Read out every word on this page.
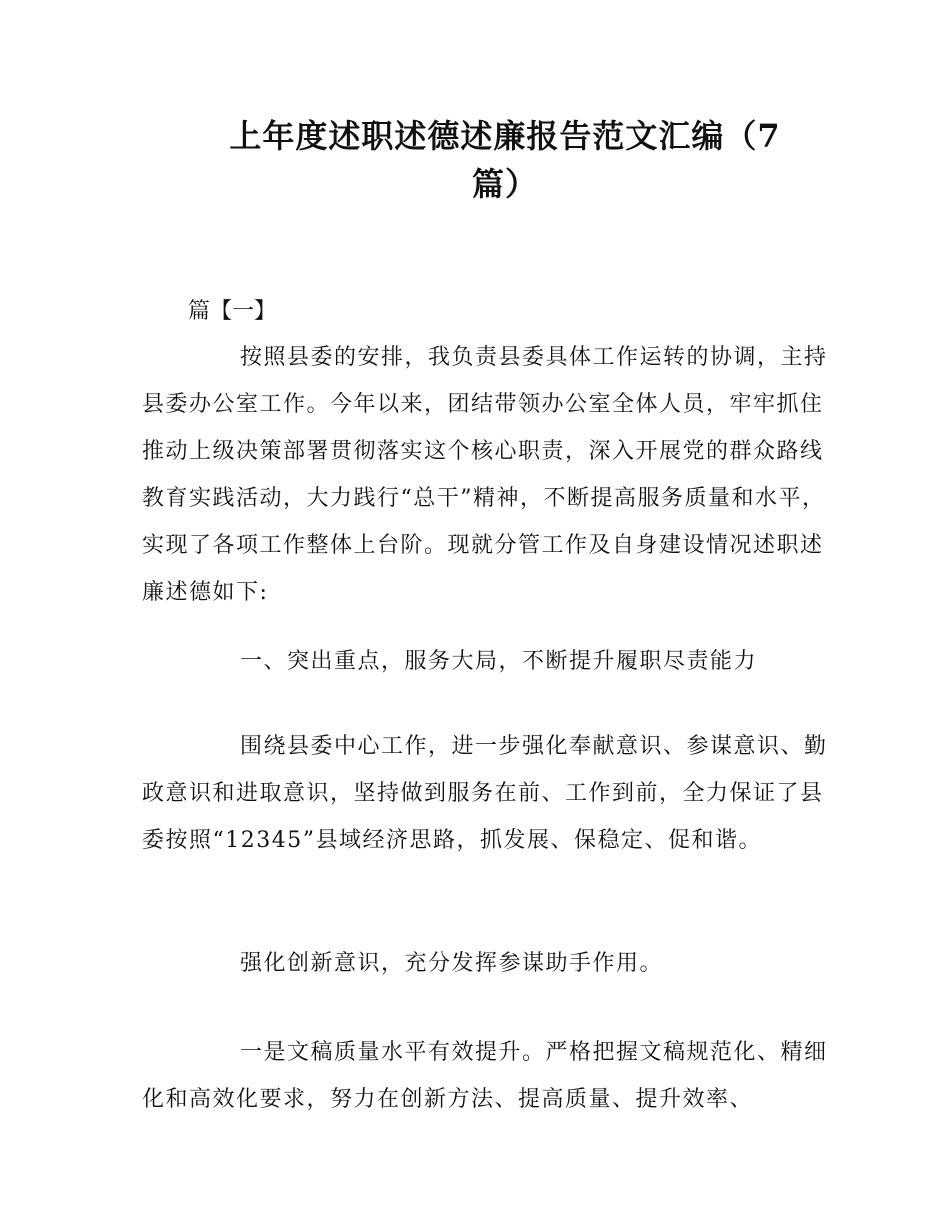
上年度述职述德述廉报告范文汇编（7
篇）
篇【一】

按照县委的安排，我负责县委具体工作运转的协调，主持县委办公室工作。今年以来，团结带领办公室全体人员，牢牢抓住推动上级决策部署贯彻落实这个核心职责，深入开展党的群众路线教育实践活动，大力践行“总干”精神，不断提高服务质量和水平，实现了各项工作整体上台阶。现就分管工作及自身建设情况述职述廉述德如下:

一、突出重点，服务大局，不断提升履职尽责能力

围绕县委中心工作，进一步强化奉献意识、参谋意识、勤政意识和进取意识，坚持做到服务在前、工作到前，全力保证了县委按照“12345”县域经济思路，抓发展、保稳定、促和谐。

强化创新意识，充分发挥参谋助手作用。

一是文稿质量水平有效提升。严格把握文稿规范化、精细化和高效化要求，努力在创新方法、提高质量、提升效率、
